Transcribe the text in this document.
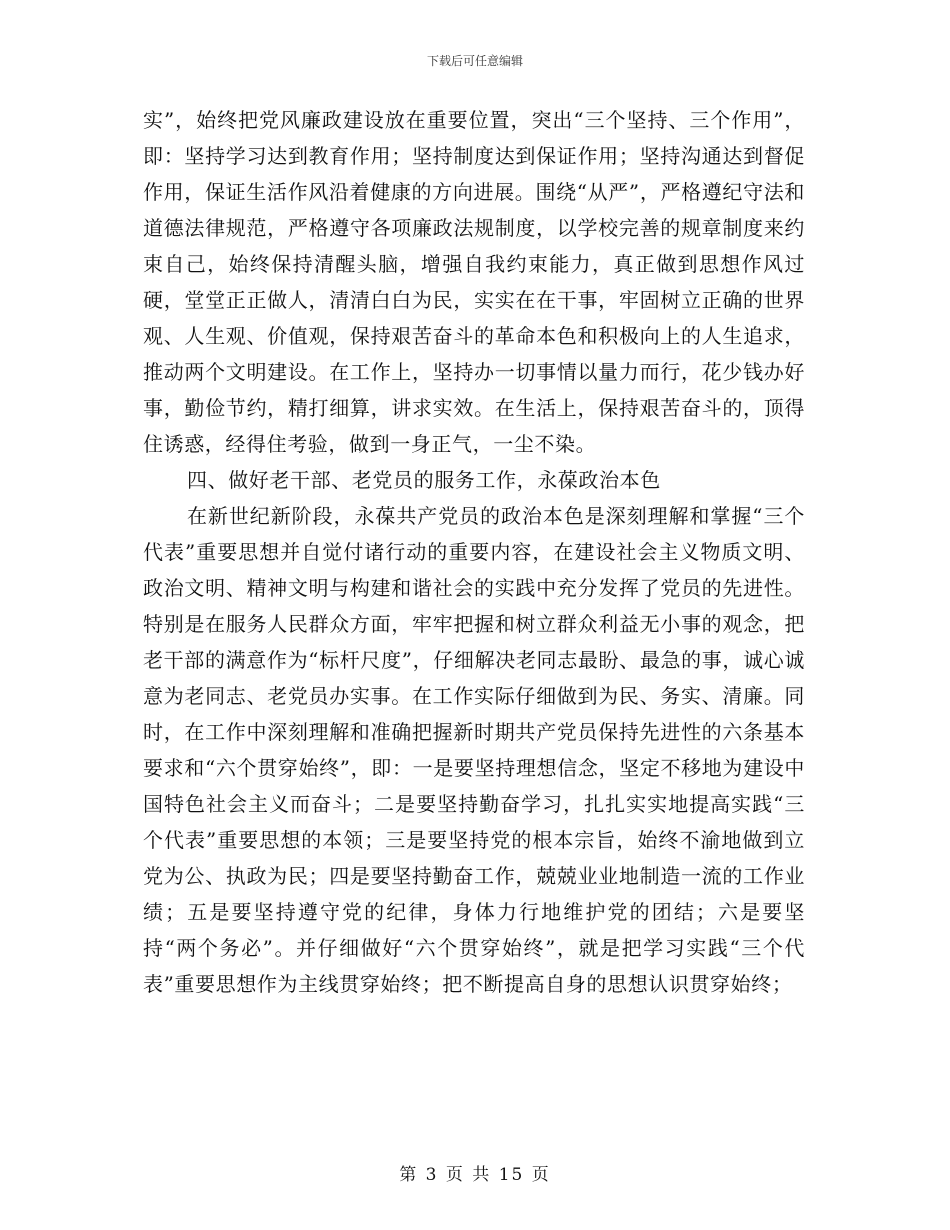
下载后可任意编辑

实”，始终把党风廉政建设放在重要位置，突出“三个坚持、三个作用”，即：坚持学习达到教育作用；坚持制度达到保证作用；坚持沟通达到督促作用，保证生活作风沿着健康的方向进展。围绕“从严”，严格遵纪守法和道德法律规范，严格遵守各项廉政法规制度，以学校完善的规章制度来约束自己，始终保持清醒头脑，增强自我约束能力，真正做到思想作风过硬，堂堂正正做人，清清白白为民，实实在在干事，牢固树立正确的世界观、人生观、价值观，保持艰苦奋斗的革命本色和积极向上的人生追求，推动两个文明建设。在工作上，坚持办一切事情以量力而行，花少钱办好事，勤俭节约，精打细算，讲求实效。在生活上，保持艰苦奋斗的，顶得住诱惑，经得住考验，做到一身正气，一尘不染。

四、做好老干部、老党员的服务工作，永葆政治本色

在新世纪新阶段，永葆共产党员的政治本色是深刻理解和掌握“三个代表”重要思想并自觉付诸行动的重要内容，在建设社会主义物质文明、政治文明、精神文明与构建和谐社会的实践中充分发挥了党员的先进性。特别是在服务人民群众方面，牢牢把握和树立群众利益无小事的观念，把老干部的满意作为“标杆尺度”，仔细解决老同志最盼、最急的事，诚心诚意为老同志、老党员办实事。在工作实际仔细做到为民、务实、清廉。同时，在工作中深刻理解和准确把握新时期共产党员保持先进性的六条基本要求和“六个贯穿始终”，即：一是要坚持理想信念，坚定不移地为建设中国特色社会主义而奋斗；二是要坚持勤奋学习，扎扎实实地提高实践“三个代表”重要思想的本领；三是要坚持党的根本宗旨，始终不渝地做到立党为公、执政为民；四是要坚持勤奋工作，兢兢业业地制造一流的工作业绩；五是要坚持遵守党的纪律，身体力行地维护党的团结；六是要坚持“两个务必”。并仔细做好“六个贯穿始终”，就是把学习实践“三个代表”重要思想作为主线贯穿始终；把不断提高自身的思想认识贯穿始终；

第 3 页 共 15 页
